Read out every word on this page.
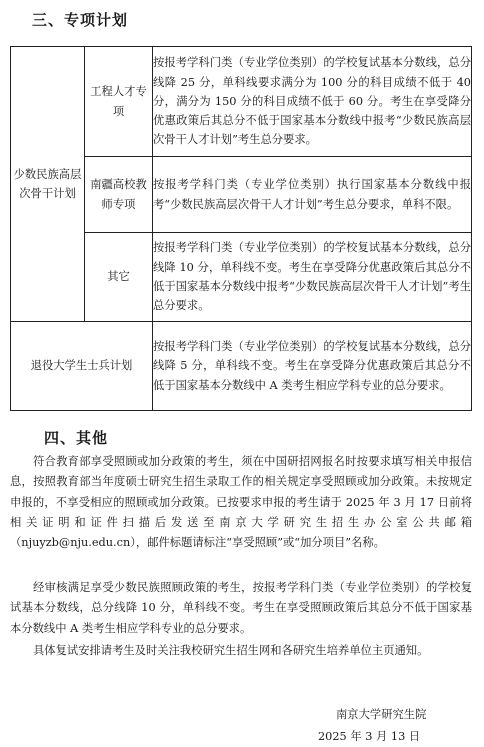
三、专项计划
少数民族高层次骨干计划	工程人才专项	按报考学科门类（专业学位类别）的学校复试基本分数线，总分线降 25 分，单科线要求满分为 100 分的科目成绩不低于 40 分，满分为 150 分的科目成绩不低于 60 分。考生在享受降分优惠政策后其总分不低于国家基本分数线中报考“少数民族高层次骨干人才计划”考生总分要求。
	南疆高校教师专项	按报考学科门类（专业学位类别）执行国家基本分数线中报考“少数民族高层次骨干人才计划”考生总分要求，单科不限。
	其它	按报考学科门类（专业学位类别）的学校复试基本分数线，总分线降 10 分，单科线不变。考生在享受降分优惠政策后其总分不低于国家基本分数线中报考“少数民族高层次骨干人才计划”考生总分要求。
退役大学生士兵计划		按报考学科门类（专业学位类别）的学校复试基本分数线，总分线降 5 分，单科线不变。考生在享受降分优惠政策后其总分不低于国家基本分数线中 A 类考生相应学科专业的总分要求。
四、其他

符合教育部享受照顾或加分政策的考生，须在中国研招网报名时按要求填写相关申报信息，按照教育部当年度硕士研究生招生录取工作的相关规定享受照顾或加分政策。未按规定申报的，不享受相应的照顾或加分政策。已按要求申报的考生请于 2025 年 3 月 17 日前将相关证明和证件扫描后发送至南京大学研究生招生办公室公共邮箱（njuyzb@nju.edu.cn），邮件标题请标注“享受照顾”或“加分项目”名称。

经审核满足享受少数民族照顾政策的考生，按报考学科门类（专业学位类别）的学校复试基本分数线，总分线降 10 分，单科线不变。考生在享受照顾政策后其总分不低于国家基本分数线中 A 类考生相应学科专业的总分要求。

具体复试安排请考生及时关注我校研究生招生网和各研究生培养单位主页通知。

南京大学研究生院
2025 年 3 月 13 日
